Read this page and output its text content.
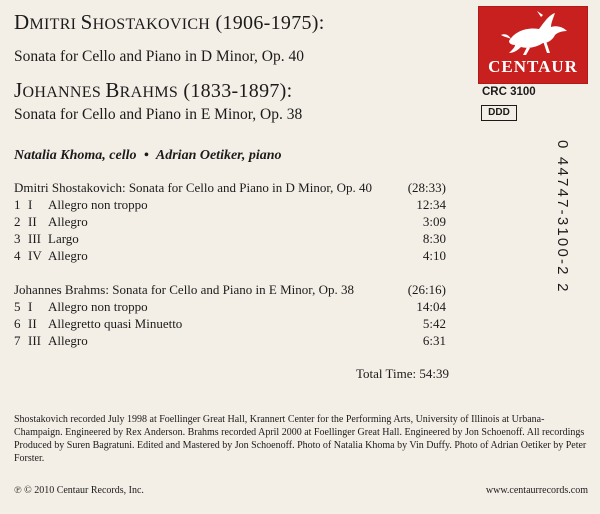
DMITRI SHOSTAKOVICH (1906-1975):
Sonata for Cello and Piano in D Minor, Op. 40
JOHANNES BRAHMS (1833-1897):
Sonata for Cello and Piano in E Minor, Op. 38
CENTAUR
CRC 3100
DDD
Natalia Khoma, cello • Adrian Oetiker, piano
Dmitri Shostakovich: Sonata for Cello and Piano in D Minor, Op. 40	(28:33)
1 I Allegro non troppo	12:34
2 II Allegro	3:09
3 III Largo	8:30
4 IV Allegro	4:10
Johannes Brahms: Sonata for Cello and Piano in E Minor, Op. 38	(26:16)
5 I Allegro non troppo	14:04
6 II Allegretto quasi Minuetto	5:42
7 III Allegro	6:31
Total Time: 54:39
0 44747-3100-2 2
Shostakovich recorded July 1998 at Foellinger Great Hall, Krannert Center for the Performing Arts, University of Illinois at Urbana-Champaign. Engineered by Rex Anderson. Brahms recorded April 2000 at Foellinger Great Hall. Engineered by Jon Schoenoff. All recordings Produced by Suren Bagratuni. Edited and Mastered by Jon Schoenoff. Photo of Natalia Khoma by Vin Duffy. Photo of Adrian Oetiker by Peter Forster.
℗ © 2010 Centaur Records, Inc.	www.centaurrecords.com
